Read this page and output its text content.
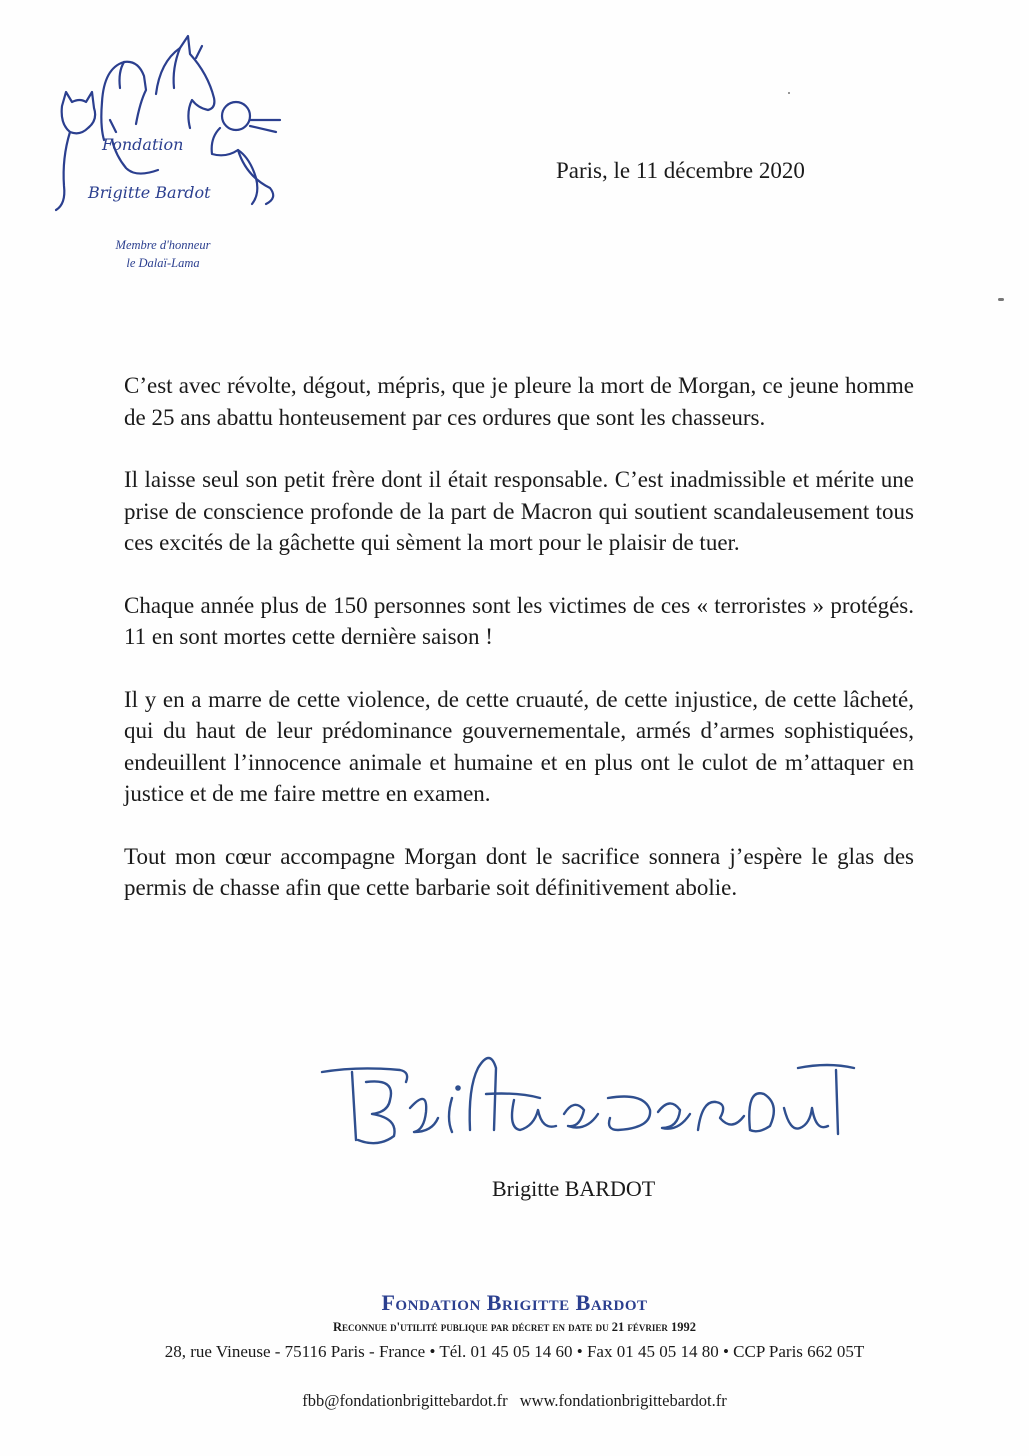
Fondation
Brigitte Bardot
Membre d'honneur
le Dalaï-Lama
Paris, le 11 décembre 2020

C’est avec révolte, dégout, mépris, que je pleure la mort de Morgan, ce jeune homme de 25 ans abattu honteusement par ces ordures que sont les chasseurs.

Il laisse seul son petit frère dont il était responsable. C’est inadmissible et mérite une prise de conscience profonde de la part de Macron qui soutient scandaleusement tous ces excités de la gâchette qui sèment la mort pour le plaisir de tuer.

Chaque année plus de 150 personnes sont les victimes de ces « terroristes » protégés. 11 en sont mortes cette dernière saison !

Il y en a marre de cette violence, de cette cruauté, de cette injustice, de cette lâcheté, qui du haut de leur prédominance gouvernementale, armés d’armes sophistiquées, endeuillent l’innocence animale et humaine et en plus ont le culot de m’attaquer en justice et de me faire mettre en examen.

Tout mon cœur accompagne Morgan dont le sacrifice sonnera j’espère le glas des permis de chasse afin que cette barbarie soit définitivement abolie.

Brigitte BARDOT
Fondation Brigitte Bardot
Reconnue d'utilité publique par décret en date du 21 février 1992
28, rue Vineuse - 75116 Paris - France • Tél. 01 45 05 14 60 • Fax 01 45 05 14 80 • CCP Paris 662 05T
fbb@fondationbrigittebardot.fr www.fondationbrigittebardot.fr
